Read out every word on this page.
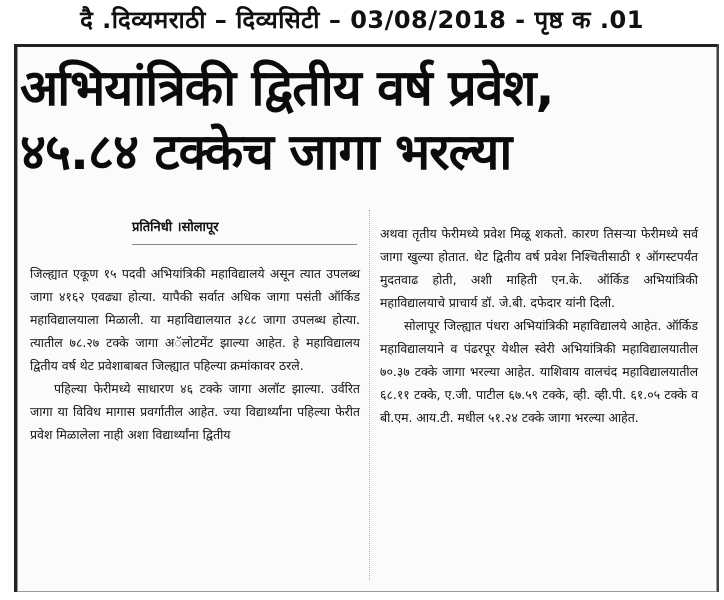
दै .दिव्यमराठी – दिव्यसिटी – 03/08/2018 - पृष्ठ क .01
अभियांत्रिकी द्वितीय वर्ष प्रवेश,
४५.८४ टक्केच जागा भरल्या
प्रतिनिधी ।सोलापूर

जिल्ह्यात एकूण १५ पदवी अभियांत्रिकी महाविद्यालये असून त्यात उपलब्ध जागा ४१६२ एवढ्या होत्या. यापैकी सर्वात अधिक जागा पसंती ऑर्किड महाविद्यालयाला मिळाली. या महाविद्यालयात ३८८ जागा उपलब्ध होत्या. त्यातील ७८.२७ टक्के जागा अॅलोटमेंट झाल्या आहेत. हे महाविद्यालय द्वितीय वर्ष थेट प्रवेशाबाबत जिल्ह्यात पहिल्या क्रमांकावर ठरले.

पहिल्या फेरीमध्ये साधारण ४६ टक्के जागा अलॉट झाल्या. उर्वरित जागा या विविध मागास प्रवर्गातील आहेत. ज्या विद्यार्थ्यांना पहिल्या फेरीत प्रवेश मिळालेला नाही अशा विद्यार्थ्यांना द्वितीय

अथवा तृतीय फेरीमध्ये प्रवेश मिळू शकतो. कारण तिसऱ्या फेरीमध्ये सर्व जागा खुल्या होतात. थेट द्वितीय वर्ष प्रवेश निश्चितीसाठी १ ऑगस्टपर्यंत मुदतवाढ होती, अशी माहिती एन.के. ऑर्किड अभियांत्रिकी महाविद्यालयाचे प्राचार्य डॉ. जे.बी. दफेदार यांनी दिली.

सोलापूर जिल्ह्यात पंधरा अभियांत्रिकी महाविद्यालये आहेत. ऑर्किड महाविद्यालयाने व पंढरपूर येथील स्वेरी अभियांत्रिकी महाविद्यालयातील ७०.३७ टक्के जागा भरल्या आहेत. याशिवाय वालचंद महाविद्यालयातील ६८.११ टक्के, ए.जी. पाटील ६७.५९ टक्के, व्ही. व्ही.पी. ६१.०५ टक्के व बी.एम. आय.टी. मधील ५१.२४ टक्के जागा भरल्या आहेत.
